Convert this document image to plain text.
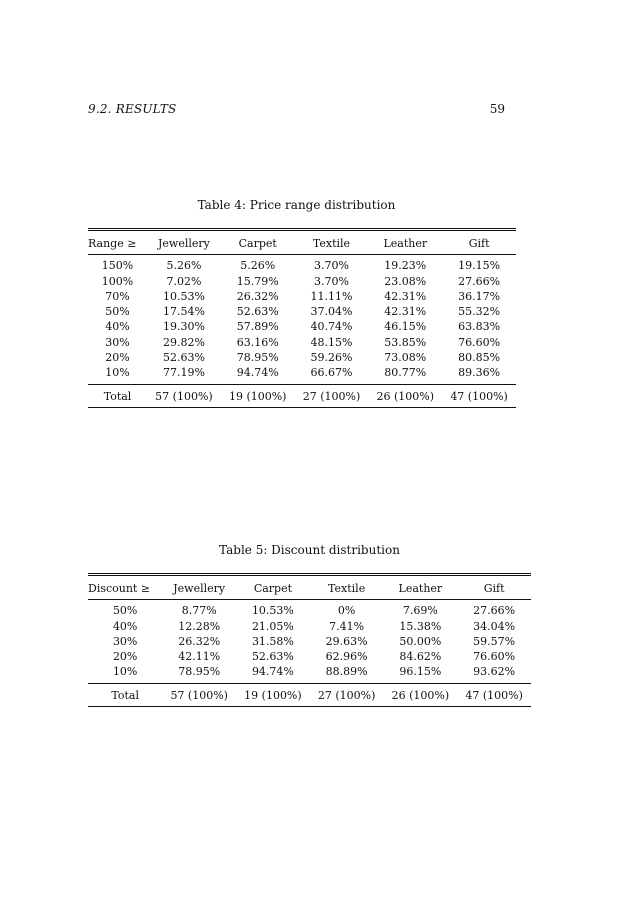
9.2. RESULTS	59
Table 4: Price range distribution
Range ≥	Jewellery	Carpet	Textile	Leather	Gift
150%	5.26%	5.26%	3.70%	19.23%	19.15%
100%	7.02%	15.79%	3.70%	23.08%	27.66%
70%	10.53%	26.32%	11.11%	42.31%	36.17%
50%	17.54%	52.63%	37.04%	42.31%	55.32%
40%	19.30%	57.89%	40.74%	46.15%	63.83%
30%	29.82%	63.16%	48.15%	53.85%	76.60%
20%	52.63%	78.95%	59.26%	73.08%	80.85%
10%	77.19%	94.74%	66.67%	80.77%	89.36%
Total	57 (100%)	19 (100%)	27 (100%)	26 (100%)	47 (100%)
Table 5: Discount distribution
Discount ≥	Jewellery	Carpet	Textile	Leather	Gift
50%	8.77%	10.53%	0%	7.69%	27.66%
40%	12.28%	21.05%	7.41%	15.38%	34.04%
30%	26.32%	31.58%	29.63%	50.00%	59.57%
20%	42.11%	52.63%	62.96%	84.62%	76.60%
10%	78.95%	94.74%	88.89%	96.15%	93.62%
Total	57 (100%)	19 (100%)	27 (100%)	26 (100%)	47 (100%)
